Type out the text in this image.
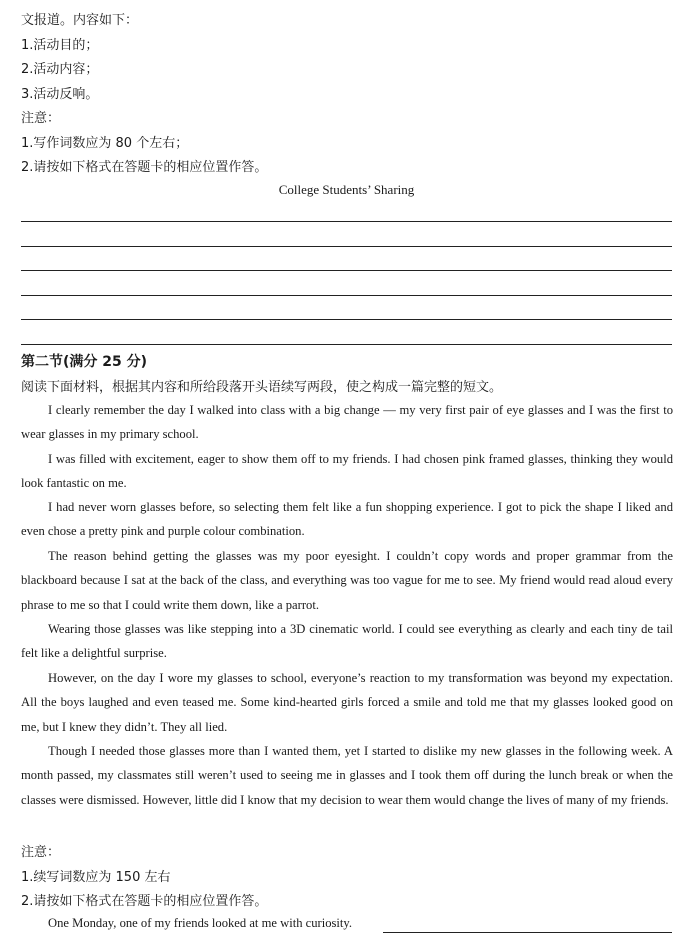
文报道。内容如下：
1.活动目的；
2.活动内容；
3.活动反响。
注意：
1.写作词数应为 80 个左右；
2.请按如下格式在答题卡的相应位置作答。
College Students’ Sharing
第二节(满分 25 分)
阅读下面材料，根据其内容和所给段落开头语续写两段，使之构成一篇完整的短文。

I clearly remember the day I walked into class with a big change — my very first pair of eye glasses and I was the first to wear glasses in my primary school.

I was filled with excitement, eager to show them off to my friends. I had chosen pink framed glasses, thinking they would look fantastic on me.

I had never worn glasses before, so selecting them felt like a fun shopping experience. I got to pick the shape I liked and even chose a pretty pink and purple colour combination.

The reason behind getting the glasses was my poor eyesight. I couldn’t copy words and proper grammar from the blackboard because I sat at the back of the class, and everything was too vague for me to see. My friend would read aloud every phrase to me so that I could write them down, like a parrot.

Wearing those glasses was like stepping into a 3D cinematic world. I could see everything as clearly and each tiny de tail felt like a delightful surprise.

However, on the day I wore my glasses to school, everyone’s reaction to my transformation was beyond my expectation. All the boys laughed and even teased me. Some kind-hearted girls forced a smile and told me that my glasses looked good on me, but I knew they didn’t. They all lied.

Though I needed those glasses more than I wanted them, yet I started to dislike my new glasses in the following week. A month passed, my classmates still weren’t used to seeing me in glasses and I took them off during the lunch break or when the classes were dismissed. However, little did I know that my decision to wear them would change the lives of many of my friends.

注意：
1.续写词数应为 150 左右
2.请按如下格式在答题卡的相应位置作答。
One Monday, one of my friends looked at me with curiosity.
